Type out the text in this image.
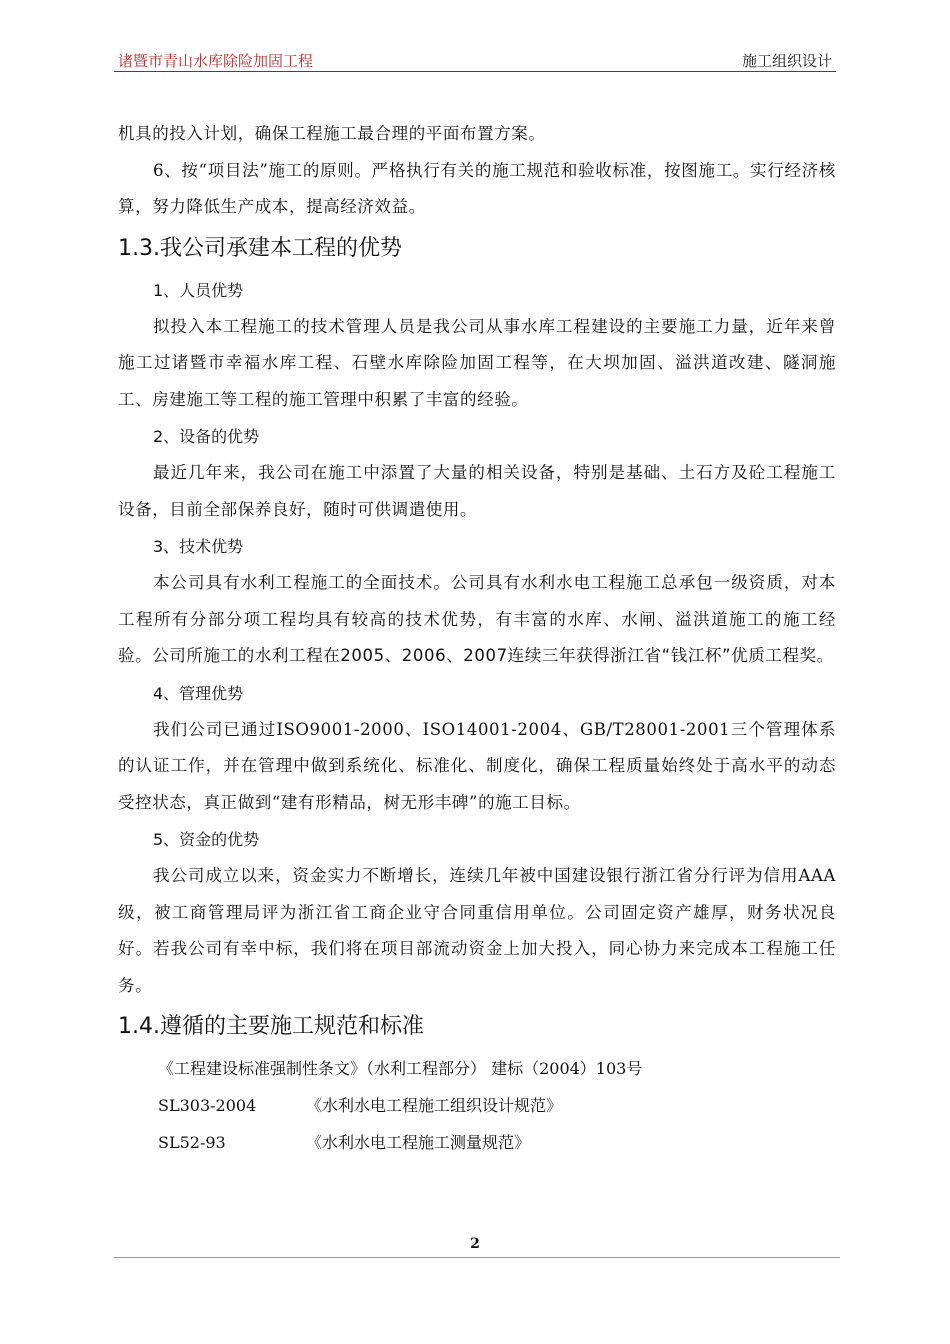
诸暨市青山水库除险加固工程	施工组织设计

机具的投入计划，确保工程施工最合理的平面布置方案。

6、按“项目法”施工的原则。严格执行有关的施工规范和验收标准，按图施工。实行经济核算，努力降低生产成本，提高经济效益。

1.3.我公司承建本工程的优势

1、人员优势

拟投入本工程施工的技术管理人员是我公司从事水库工程建设的主要施工力量，近年来曾施工过诸暨市幸福水库工程、石壁水库除险加固工程等，在大坝加固、溢洪道改建、隧洞施工、房建施工等工程的施工管理中积累了丰富的经验。

2、设备的优势

最近几年来，我公司在施工中添置了大量的相关设备，特别是基础、土石方及砼工程施工设备，目前全部保养良好，随时可供调遣使用。

3、技术优势

本公司具有水利工程施工的全面技术。公司具有水利水电工程施工总承包一级资质，对本工程所有分部分项工程均具有较高的技术优势，有丰富的水库、水闸、溢洪道施工的施工经验。公司所施工的水利工程在2005、2006、2007连续三年获得浙江省“钱江杯”优质工程奖。

4、管理优势

我们公司已通过ISO9001-2000、ISO14001-2004、GB/T28001-2001三个管理体系的认证工作，并在管理中做到系统化、标准化、制度化，确保工程质量始终处于高水平的动态受控状态，真正做到“建有形精品，树无形丰碑”的施工目标。

5、资金的优势

我公司成立以来，资金实力不断增长，连续几年被中国建设银行浙江省分行评为信用AAA级，被工商管理局评为浙江省工商企业守合同重信用单位。公司固定资产雄厚，财务状况良好。若我公司有幸中标，我们将在项目部流动资金上加大投入，同心协力来完成本工程施工任务。

1.4.遵循的主要施工规范和标准
《工程建设标准强制性条文》（水利工程部分） 建标（2004）103号
SL303-2004	《水利水电工程施工组织设计规范》
SL52-93	《水利水电工程施工测量规范》
2
